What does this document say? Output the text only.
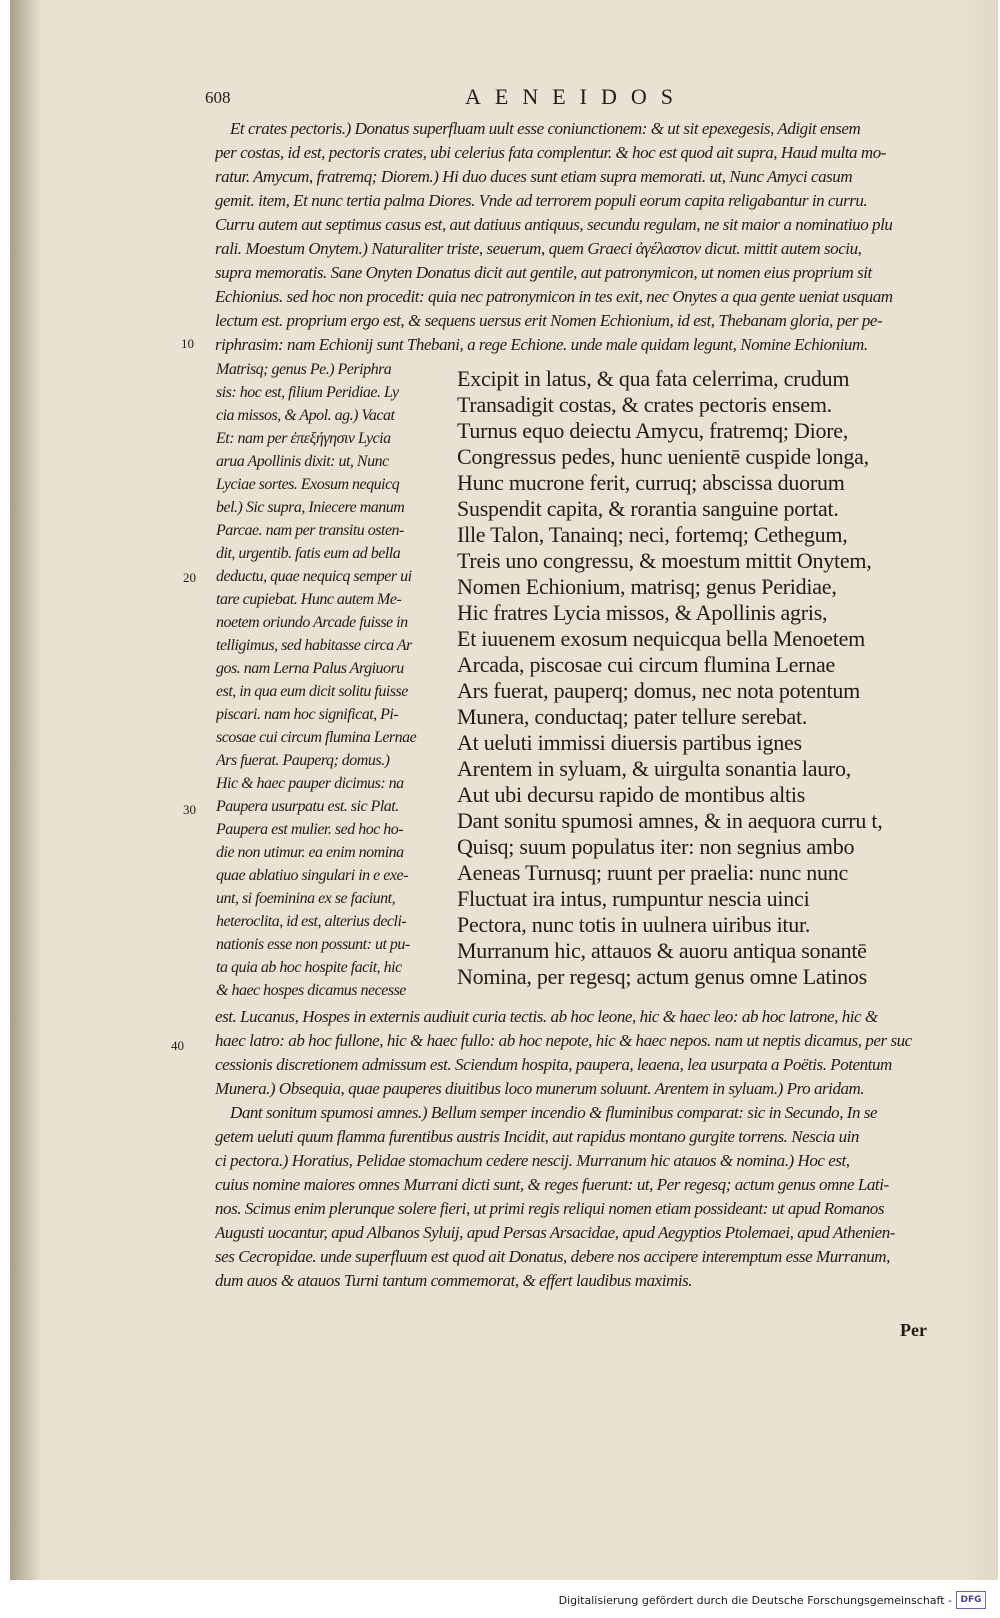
608	AENEIDOS
Et crates pectoris.) Donatus superfluam uult esse coniunctionem: & ut sit epexegesis, Adigit ensem
per costas, id est, pectoris crates, ubi celerius fata complentur. & hoc est quod ait supra, Haud multa mo-
ratur. Amycum, fratremq; Diorem.) Hi duo duces sunt etiam supra memorati. ut, Nunc Amyci casum
gemit. item, Et nunc tertia palma Diores. Vnde ad terrorem populi eorum capita religabantur in curru.
Curru autem aut septimus casus est, aut datiuus antiquus, secundu regulam, ne sit maior a nominatiuo plu
rali. Moestum Onytem.) Naturaliter triste, seuerum, quem Graeci ἀγέλαστον dicut. mittit autem sociu,
supra memoratis. Sane Onyten Donatus dicit aut gentile, aut patronymicon, ut nomen eius proprium sit
Echionius. sed hoc non procedit: quia nec patronymicon in tes exit, nec Onytes a qua gente ueniat usquam
lectum est. proprium ergo est, & sequens uersus erit Nomen Echionium, id est, Thebanam gloria, per pe-
riphrasim: nam Echionij sunt Thebani, a rege Echione. unde male quidam legunt, Nomine Echionium.
Matrisq; genus Pe.) Periphra
sis: hoc est, filium Peridiae. Ly
cia missos, & Apol. ag.) Vacat
Et: nam per ἐπεξήγησιν Lycia
arua Apollinis dixit: ut, Nunc
Lyciae sortes. Exosum nequicq
bel.) Sic supra, Iniecere manum
Parcae. nam per transitu osten-
dit, urgentib. fatis eum ad bella
deductu, quae nequicq semper ui
tare cupiebat. Hunc autem Me-
noetem oriundo Arcade fuisse in
telligimus, sed habitasse circa Ar
gos. nam Lerna Palus Argiuoru
est, in qua eum dicit solitu fuisse
piscari. nam hoc significat, Pi-
scosae cui circum flumina Lernae
Ars fuerat. Pauperq; domus.)
Hic & haec pauper dicimus: na
Paupera usurpatu est. sic Plat.
Paupera est mulier. sed hoc ho-
die non utimur. ea enim nomina
quae ablatiuo singulari in e exe-
unt, si foeminina ex se faciunt,
heteroclita, id est, alterius decli-
nationis esse non possunt: ut pu-
ta quia ab hoc hospite facit, hic
& haec hospes dicamus necesse
Excipit in latus, & qua fata celerrima, crudum
Transadigit costas, & crates pectoris ensem.
Turnus equo deiectu Amycu, fratremq; Diore,
Congressus pedes, hunc uenientē cuspide longa,
Hunc mucrone ferit, curruq; abscissa duorum
Suspendit capita, & rorantia sanguine portat.
Ille Talon, Tanainq; neci, fortemq; Cethegum,
Treis uno congressu, & moestum mittit Onytem,
Nomen Echionium, matrisq; genus Peridiae,
Hic fratres Lycia missos, & Apollinis agris,
Et iuuenem exosum nequicqua bella Menoetem
Arcada, piscosae cui circum flumina Lernae
Ars fuerat, pauperq; domus, nec nota potentum
Munera, conductaq; pater tellure serebat.
At ueluti immissi diuersis partibus ignes
Arentem in syluam, & uirgulta sonantia lauro,
Aut ubi decursu rapido de montibus altis
Dant sonitu spumosi amnes, & in aequora curru t,
Quisq; suum populatus iter: non segnius ambo
Aeneas Turnusq; ruunt per praelia: nunc nunc
Fluctuat ira intus, rumpuntur nescia uinci
Pectora, nunc totis in uulnera uiribus itur.
Murranum hic, attauos & auoru antiqua sonantē
Nomina, per regesq; actum genus omne Latinos
est. Lucanus, Hospes in externis audiuit curia tectis. ab hoc leone, hic & haec leo: ab hoc latrone, hic &
haec latro: ab hoc fullone, hic & haec fullo: ab hoc nepote, hic & haec nepos. nam ut neptis dicamus, per suc
cessionis discretionem admissum est. Sciendum hospita, paupera, leaena, lea usurpata a Poëtis. Potentum
Munera.) Obsequia, quae pauperes diuitibus loco munerum soluunt. Arentem in syluam.) Pro aridam.
Dant sonitum spumosi amnes.) Bellum semper incendio & fluminibus comparat: sic in Secundo, In se
getem ueluti quum flamma furentibus austris Incidit, aut rapidus montano gurgite torrens. Nescia uin
ci pectora.) Horatius, Pelidae stomachum cedere nescij. Murranum hic atauos & nomina.) Hoc est,
cuius nomine maiores omnes Murrani dicti sunt, & reges fuerunt: ut, Per regesq; actum genus omne Lati-
nos. Scimus enim plerunque solere fieri, ut primi regis reliqui nomen etiam possideant: ut apud Romanos
Augusti uocantur, apud Albanos Syluij, apud Persas Arsacidae, apud Aegyptios Ptolemaei, apud Athenien-
ses Cecropidae. unde superfluum est quod ait Donatus, debere nos accipere interemptum esse Murranum,
dum auos & atauos Turni tantum commemorat, & effert laudibus maximis.
10
20
30
40
Per
Digitalisierung gefördert durch die Deutsche Forschungsgemeinschaft - DFG
